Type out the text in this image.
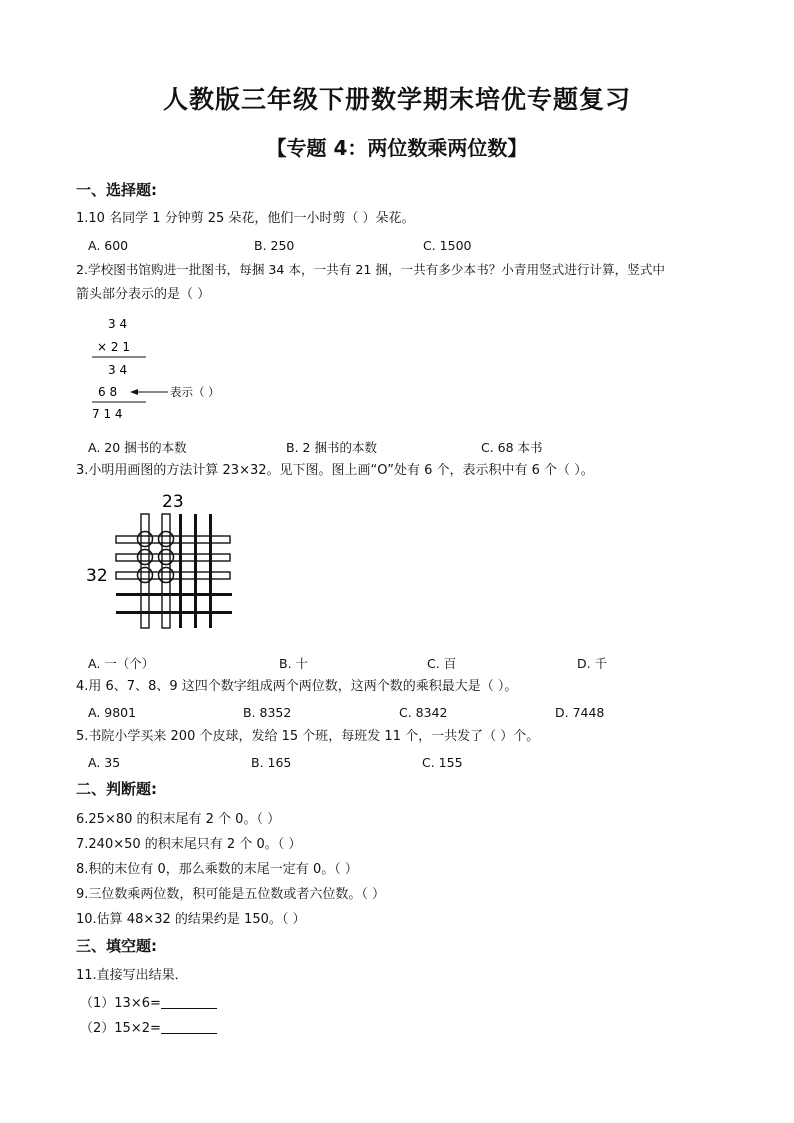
人教版三年级下册数学期末培优专题复习
【专题 4：两位数乘两位数】
一、选择题:
1.10 名同学 1 分钟剪 25 朵花，他们一小时剪（ ）朵花。
A. 600	B. 250	C. 1500
2.学校图书馆购进一批图书，每捆 34 本，一共有 21 捆，一共有多少本书？小青用竖式进行计算，竖式中
箭头部分表示的是（ ）
3 4
× 2 1
3 4
6 8	表示（ ）
7 1 4
A. 20 捆书的本数	B. 2 捆书的本数	C. 68 本书
3.小明用画图的方法计算 23×32。见下图。图上画“O”处有 6 个，表示积中有 6 个（ ）。
23
32
A. 一（个）	B. 十	C. 百	D. 千
4.用 6、7、8、9 这四个数字组成两个两位数，这两个数的乘积最大是（ ）。
A. 9801	B. 8352	C. 8342	D. 7448
5.书院小学买来 200 个皮球，发给 15 个班，每班发 11 个，一共发了（ ）个。
A. 35	B. 165	C. 155
二、判断题:
6.25×80 的积末尾有 2 个 0。（ ）
7.240×50 的积末尾只有 2 个 0。（ ）
8.积的末位有 0，那么乘数的末尾一定有 0。（ ）
9.三位数乘两位数，积可能是五位数或者六位数。（ ）
10.估算 48×32 的结果约是 150。（ ）
三、填空题:
11.直接写出结果．
（1）13×6=
（2）15×2=
